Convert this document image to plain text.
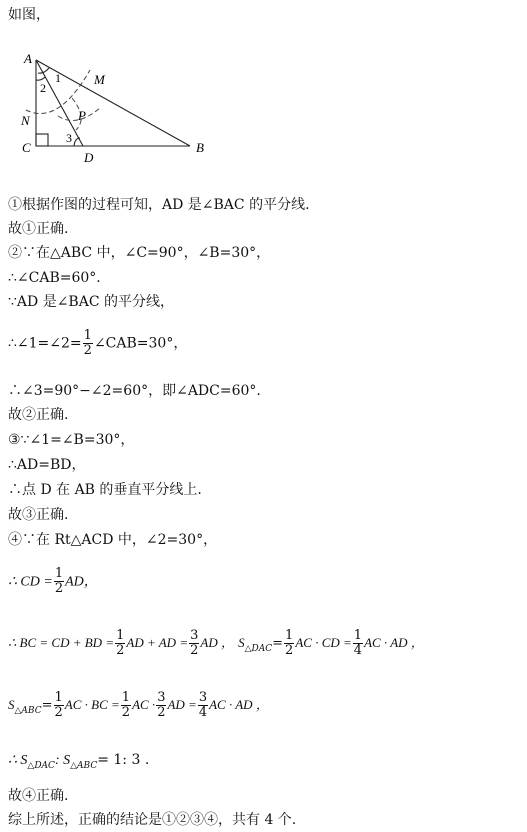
如图，
A
B
C
D
M
N	P
1
2
3
①根据作图的过程可知，AD 是∠BAC 的平分线.
故①正确.
②∵在△ABC 中，∠C=90°，∠B=30°，
∴∠CAB=60°.
∵AD 是∠BAC 的平分线，
∴∠1=∠2= $\frac{1}{2}$ ∠CAB=30°，
∴∠3=90°−∠2=60°，即∠ADC=60°.
故②正确.
③∵∠1=∠B=30°，
∴AD=BD，
∴点 D 在 AB 的垂直平分线上.
故③正确.
④∵在 Rt△ACD 中，∠2=30°，
∴ CD = $\frac{1}{2}$ AD，
∴ BC = CD + BD = $\frac{1}{2}$ AD + AD = $\frac{3}{2}$ AD ， $S_{\triangle DAC}= \frac{1}{2}$ AC · CD = $\frac{1}{4}$ AC · AD ，
$S_{\triangle ABC}= \frac{1}{2}$ AC · BC = $\frac{1}{2}$ AC · $\frac{3}{2}$ AD = $\frac{3}{4}$ AC · AD ，
∴ $S_{\triangle DAC}$: $S_{\triangle ABC}= 1$: 3 .
故④正确.
综上所述，正确的结论是①②③④，共有 4 个.
